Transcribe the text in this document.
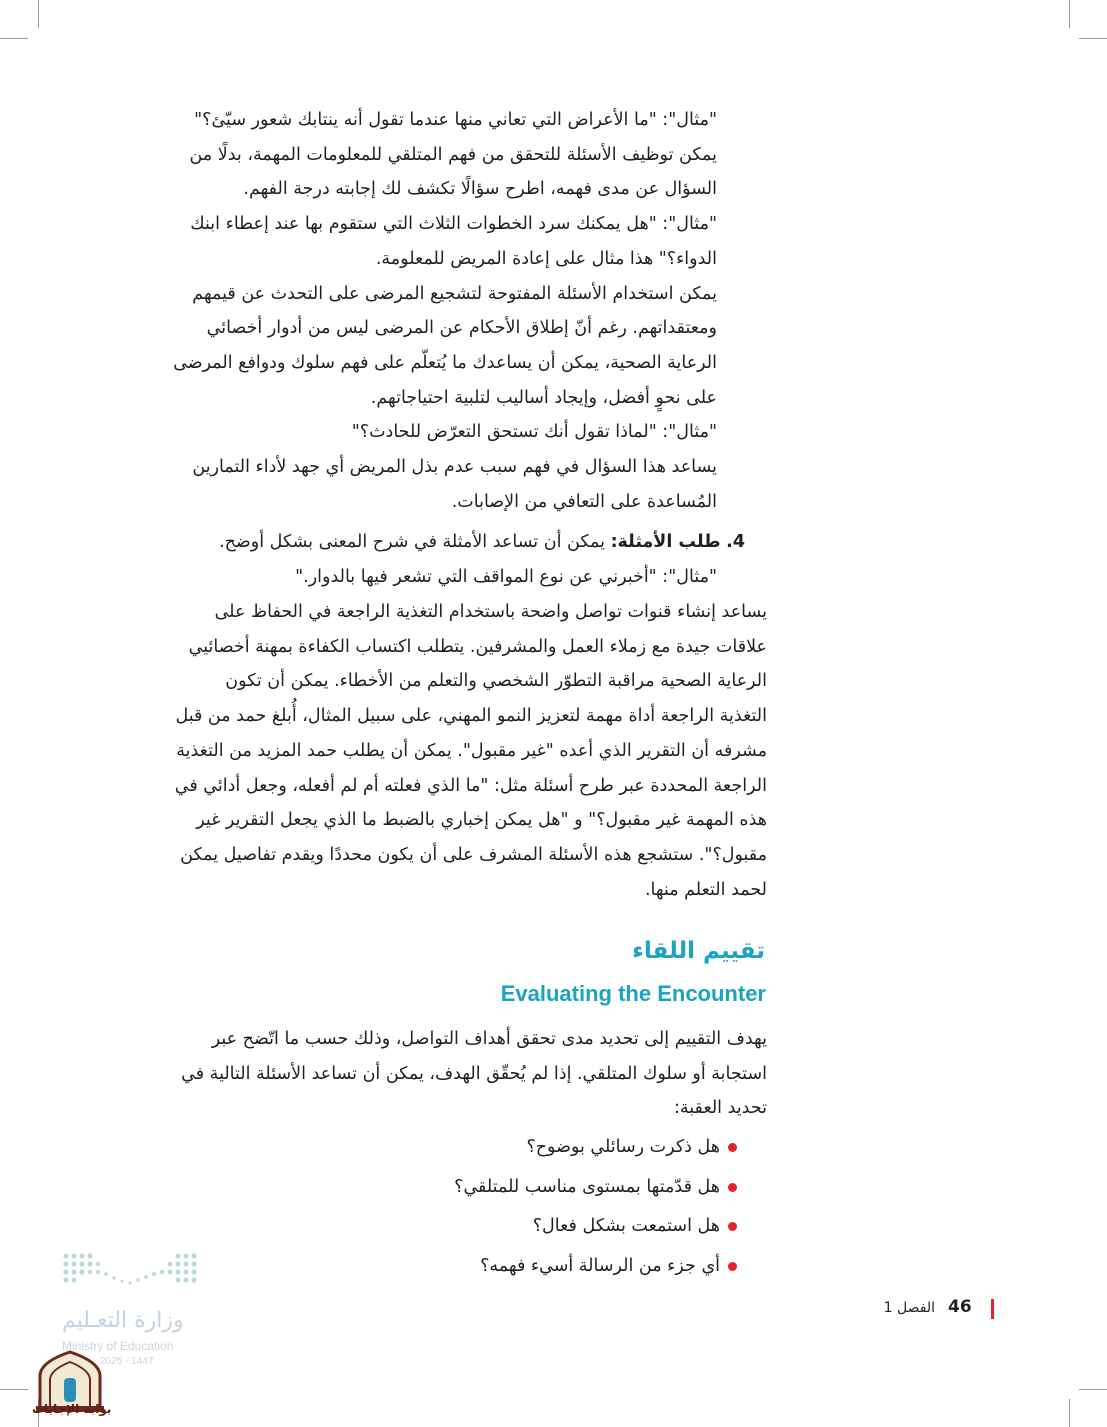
"مثال": "ما الأعراض التي تعاني منها عندما تقول أنه ينتابك شعور سيّئ؟"
يمكن توظيف الأسئلة للتحقق من فهم المتلقي للمعلومات المهمة، بدلًا من
السؤال عن مدى فهمه، اطرح سؤالًا تكشف لك إجابته درجة الفهم.
"مثال": "هل يمكنك سرد الخطوات الثلاث التي ستقوم بها عند إعطاء ابنك
الدواء؟" هذا مثال على إعادة المريض للمعلومة.
يمكن استخدام الأسئلة المفتوحة لتشجيع المرضى على التحدث عن قيمهم
ومعتقداتهم. رغم أنّ إطلاق الأحكام عن المرضى ليس من أدوار أخصائي
الرعاية الصحية، يمكن أن يساعدك ما يُتعلّم على فهم سلوك ودوافع المرضى
على نحوٍ أفضل، وإيجاد أساليب لتلبية احتياجاتهم.
"مثال": "لماذا تقول أنك تستحق التعرّض للحادث؟"
يساعد هذا السؤال في فهم سبب عدم بذل المريض أي جهد لأداء التمارين
المُساعدة على التعافي من الإصابات.
4. طلب الأمثلة: يمكن أن تساعد الأمثلة في شرح المعنى بشكل أوضح.
"مثال": "أخبرني عن نوع المواقف التي تشعر فيها بالدوار."
يساعد إنشاء قنوات تواصل واضحة باستخدام التغذية الراجعة في الحفاظ على
علاقات جيدة مع زملاء العمل والمشرفين. يتطلب اكتساب الكفاءة بمهنة أخصائيي
الرعاية الصحية مراقبة التطوّر الشخصي والتعلم من الأخطاء. يمكن أن تكون
التغذية الراجعة أداة مهمة لتعزيز النمو المهني، على سبيل المثال، أُبلغ حمد من قبل
مشرفه أن التقرير الذي أعده "غير مقبول". يمكن أن يطلب حمد المزيد من التغذية
الراجعة المحددة عبر طرح أسئلة مثل: "ما الذي فعلته أم لم أفعله، وجعل أدائي في
هذه المهمة غير مقبول؟" و "هل يمكن إخباري بالضبط ما الذي يجعل التقرير غير
مقبول؟". ستشجع هذه الأسئلة المشرف على أن يكون محددًا ويقدم تفاصيل يمكن
لحمد التعلم منها.
تقييم اللقاء
Evaluating the Encounter
يهدف التقييم إلى تحديد مدى تحقق أهداف التواصل، وذلك حسب ما اتّضح عبر
استجابة أو سلوك المتلقي. إذا لم يُحقّق الهدف، يمكن أن تساعد الأسئلة التالية في
تحديد العقبة:
هل ذكرت رسائلي بوضوح؟
هل قدّمتها بمستوى مناسب للمتلقي؟
هل استمعت بشكل فعال؟
أي جزء من الرسالة أسيء فهمه؟
46
الفصل 1
وزارة التعـليم
Ministry of Education
2025 - 1447
بوابة الإجابات
